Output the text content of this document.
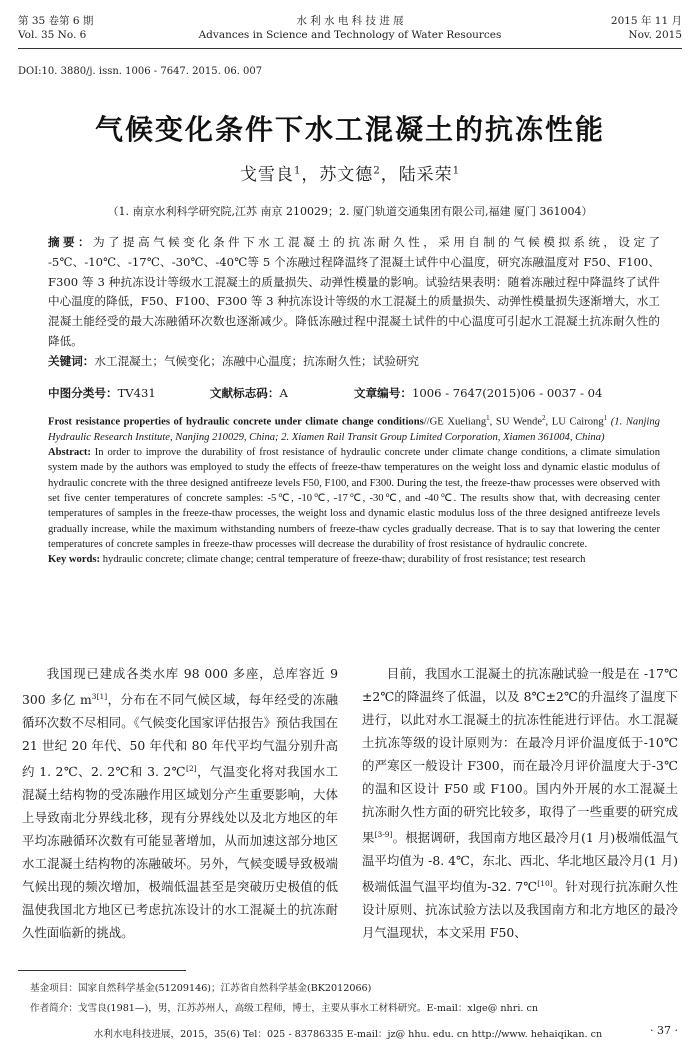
第 35 卷第 6 期
Vol. 35 No. 6
水 利 水 电 科 技 进 展
Advances in Science and Technology of Water Resources
2015 年 11 月
Nov. 2015
DOI:10. 3880/j. issn. 1006 - 7647. 2015. 06. 007
气候变化条件下水工混凝土的抗冻性能
戈雪良$^1$，苏文德$^2$，陆采荣$^1$
（1. 南京水利科学研究院,江苏 南京 210029；2. 厦门轨道交通集团有限公司,福建 厦门 361004）
摘要：为了提高气候变化条件下水工混凝土的抗冻耐久性，采用自制的气候模拟系统，设定了 -5℃、-10℃、-17℃、-30℃、-40℃等 5 个冻融过程降温终了混凝土试件中心温度，研究冻融温度对 F50、F100、F300 等 3 种抗冻设计等级水工混凝土的质量损失、动弹性模量的影响。试验结果表明：随着冻融过程中降温终了试件中心温度的降低，F50、F100、F300 等 3 种抗冻设计等级的水工混凝土的质量损失、动弹性模量损失逐渐增大，水工混凝土能经受的最大冻融循环次数也逐渐减少。降低冻融过程中混凝土试件的中心温度可引起水工混凝土抗冻耐久性的降低。
关键词：水工混凝土；气候变化；冻融中心温度；抗冻耐久性；试验研究
中图分类号：TV431	文献标志码：A	文章编号：1006 - 7647(2015)06 - 0037 - 04
Frost resistance properties of hydraulic concrete under climate change conditions//GE Xueliang$^1$, SU Wende$^2$, LU Cairong$^1$ (1. Nanjing Hydraulic Research Institute, Nanjing 210029, China; 2. Xiamen Rail Transit Group Limited Corporation, Xiamen 361004, China)
Abstract: In order to improve the durability of frost resistance of hydraulic concrete under climate change conditions, a climate simulation system made by the authors was employed to study the effects of freeze-thaw temperatures on the weight loss and dynamic elastic modulus of hydraulic concrete with the three designed antifreeze levels F50, F100, and F300. During the test, the freeze-thaw processes were observed with set five center temperatures of concrete samples: -5℃, -10℃, -17℃, -30℃, and -40℃. The results show that, with decreasing center temperatures of samples in the freeze-thaw processes, the weight loss and dynamic elastic modulus loss of the three designed antifreeze levels gradually increase, while the maximum withstanding numbers of freeze-thaw cycles gradually decrease. That is to say that lowering the center temperatures of concrete samples in freeze-thaw processes will decrease the durability of frost resistance of hydraulic concrete.
Key words: hydraulic concrete; climate change; central temperature of freeze-thaw; durability of frost resistance; test research
我国现已建成各类水库 98 000 多座，总库容近 9 300 多亿 $m^{3[1]}$，分布在不同气候区域，每年经受的冻融循环次数不尽相同。《气候变化国家评估报告》预估我国在 21 世纪 20 年代、50 年代和 80 年代平均气温分别升高约 1. 2℃、2. 2℃和 3. 2℃[2]，气温变化将对我国水工混凝土结构物的受冻融作用区域划分产生重要影响，大体上导致南北分界线北移，现有分界线处以及北方地区的年平均冻融循环次数有可能显著增加，从而加速这部分地区水工混凝土结构物的冻融破坏。另外，气候变暖导致极端气候出现的频次增加，极端低温甚至是突破历史极值的低温使我国北方地区已考虑抗冻设计的水工混凝土的抗冻耐久性面临新的挑战。
目前，我国水工混凝土的抗冻融试验一般是在 -17℃±2℃的降温终了低温，以及 8℃±2℃的升温终了温度下进行，以此对水工混凝土的抗冻性能进行评估。水工混凝土抗冻等级的设计原则为：在最冷月评价温度低于-10℃的严寒区一般设计 F300，而在最冷月评价温度大于-3℃的温和区设计 F50 或 F100。国内外开展的水工混凝土抗冻耐久性方面的研究比较多，取得了一些重要的研究成果[3-9]。根据调研，我国南方地区最冷月(1 月)极端低温气温平均值为 -8. 4℃，东北、西北、华北地区最冷月(1 月)极端低温气温平均值为-32. 7℃[10]。针对现行抗冻耐久性设计原则、抗冻试验方法以及我国南方和北方地区的最冷月气温现状，本文采用 F50、
基金项目：国家自然科学基金(51209146)；江苏省自然科学基金(BK2012066)
作者简介：戈雪良(1981—)，男，江苏苏州人，高级工程师，博士，主要从事水工材料研究。E-mail：xlge@ nhri. cn
水利水电科技进展，2015，35(6) Tel：025 - 83786335 E-mail：jz@ hhu. edu. cn http://www. hehaiqikan. cn	· 37 ·
